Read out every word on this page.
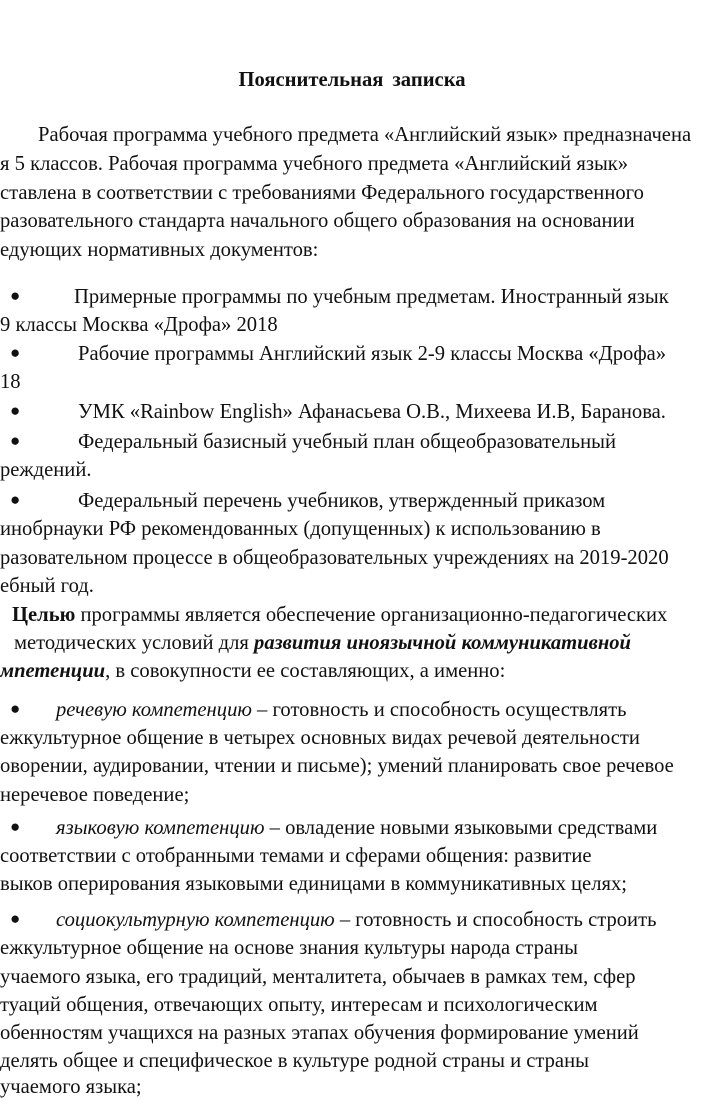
Пояснительная записка
Рабочая программа учебного предмета «Английский язык» предназначена
я 5 классов. Рабочая программа учебного предмета «Английский язык»
ставлена в соответствии с требованиями Федерального государственного
разовательного стандарта начального общего образования на основании
едующих нормативных документов:
●	Примерные программы по учебным предметам. Иностранный язык
9 классы Москва «Дрофа» 2018
●	Рабочие программы Английский язык 2-9 классы Москва «Дрофа»
18
●	УМК «Rainbow English» Афанасьева О.В., Михеева И.В, Баранова.
●	Федеральный базисный учебный план общеобразовательный
реждений.
●	Федеральный перечень учебников, утвержденный приказом
инобрнауки РФ рекомендованных (допущенных) к использованию в
разовательном процессе в общеобразовательных учреждениях на 2019-2020
ебный год.
Целью программы является обеспечение организационно-педагогических
методических условий для развития иноязычной коммуникативной
мпетенции, в совокупности ее составляющих, а именно:
● речевую компетенцию – готовность и способность осуществлять
ежкультурное общение в четырех основных видах речевой деятельности
оворении, аудировании, чтении и письме); умений планировать свое речевое
неречевое поведение;
● языковую компетенцию – овладение новыми языковыми средствами
соответствии с отобранными темами и сферами общения: развитие
выков оперирования языковыми единицами в коммуникативных целях;
● социокультурную компетенцию – готовность и способность строить
ежкультурное общение на основе знания культуры народа страны
учаемого языка, его традиций, менталитета, обычаев в рамках тем, сфер
туаций общения, отвечающих опыту, интересам и психологическим
обенностям учащихся на разных этапах обучения формирование умений
делять общее и специфическое в культуре родной страны и страны
учаемого языка;
